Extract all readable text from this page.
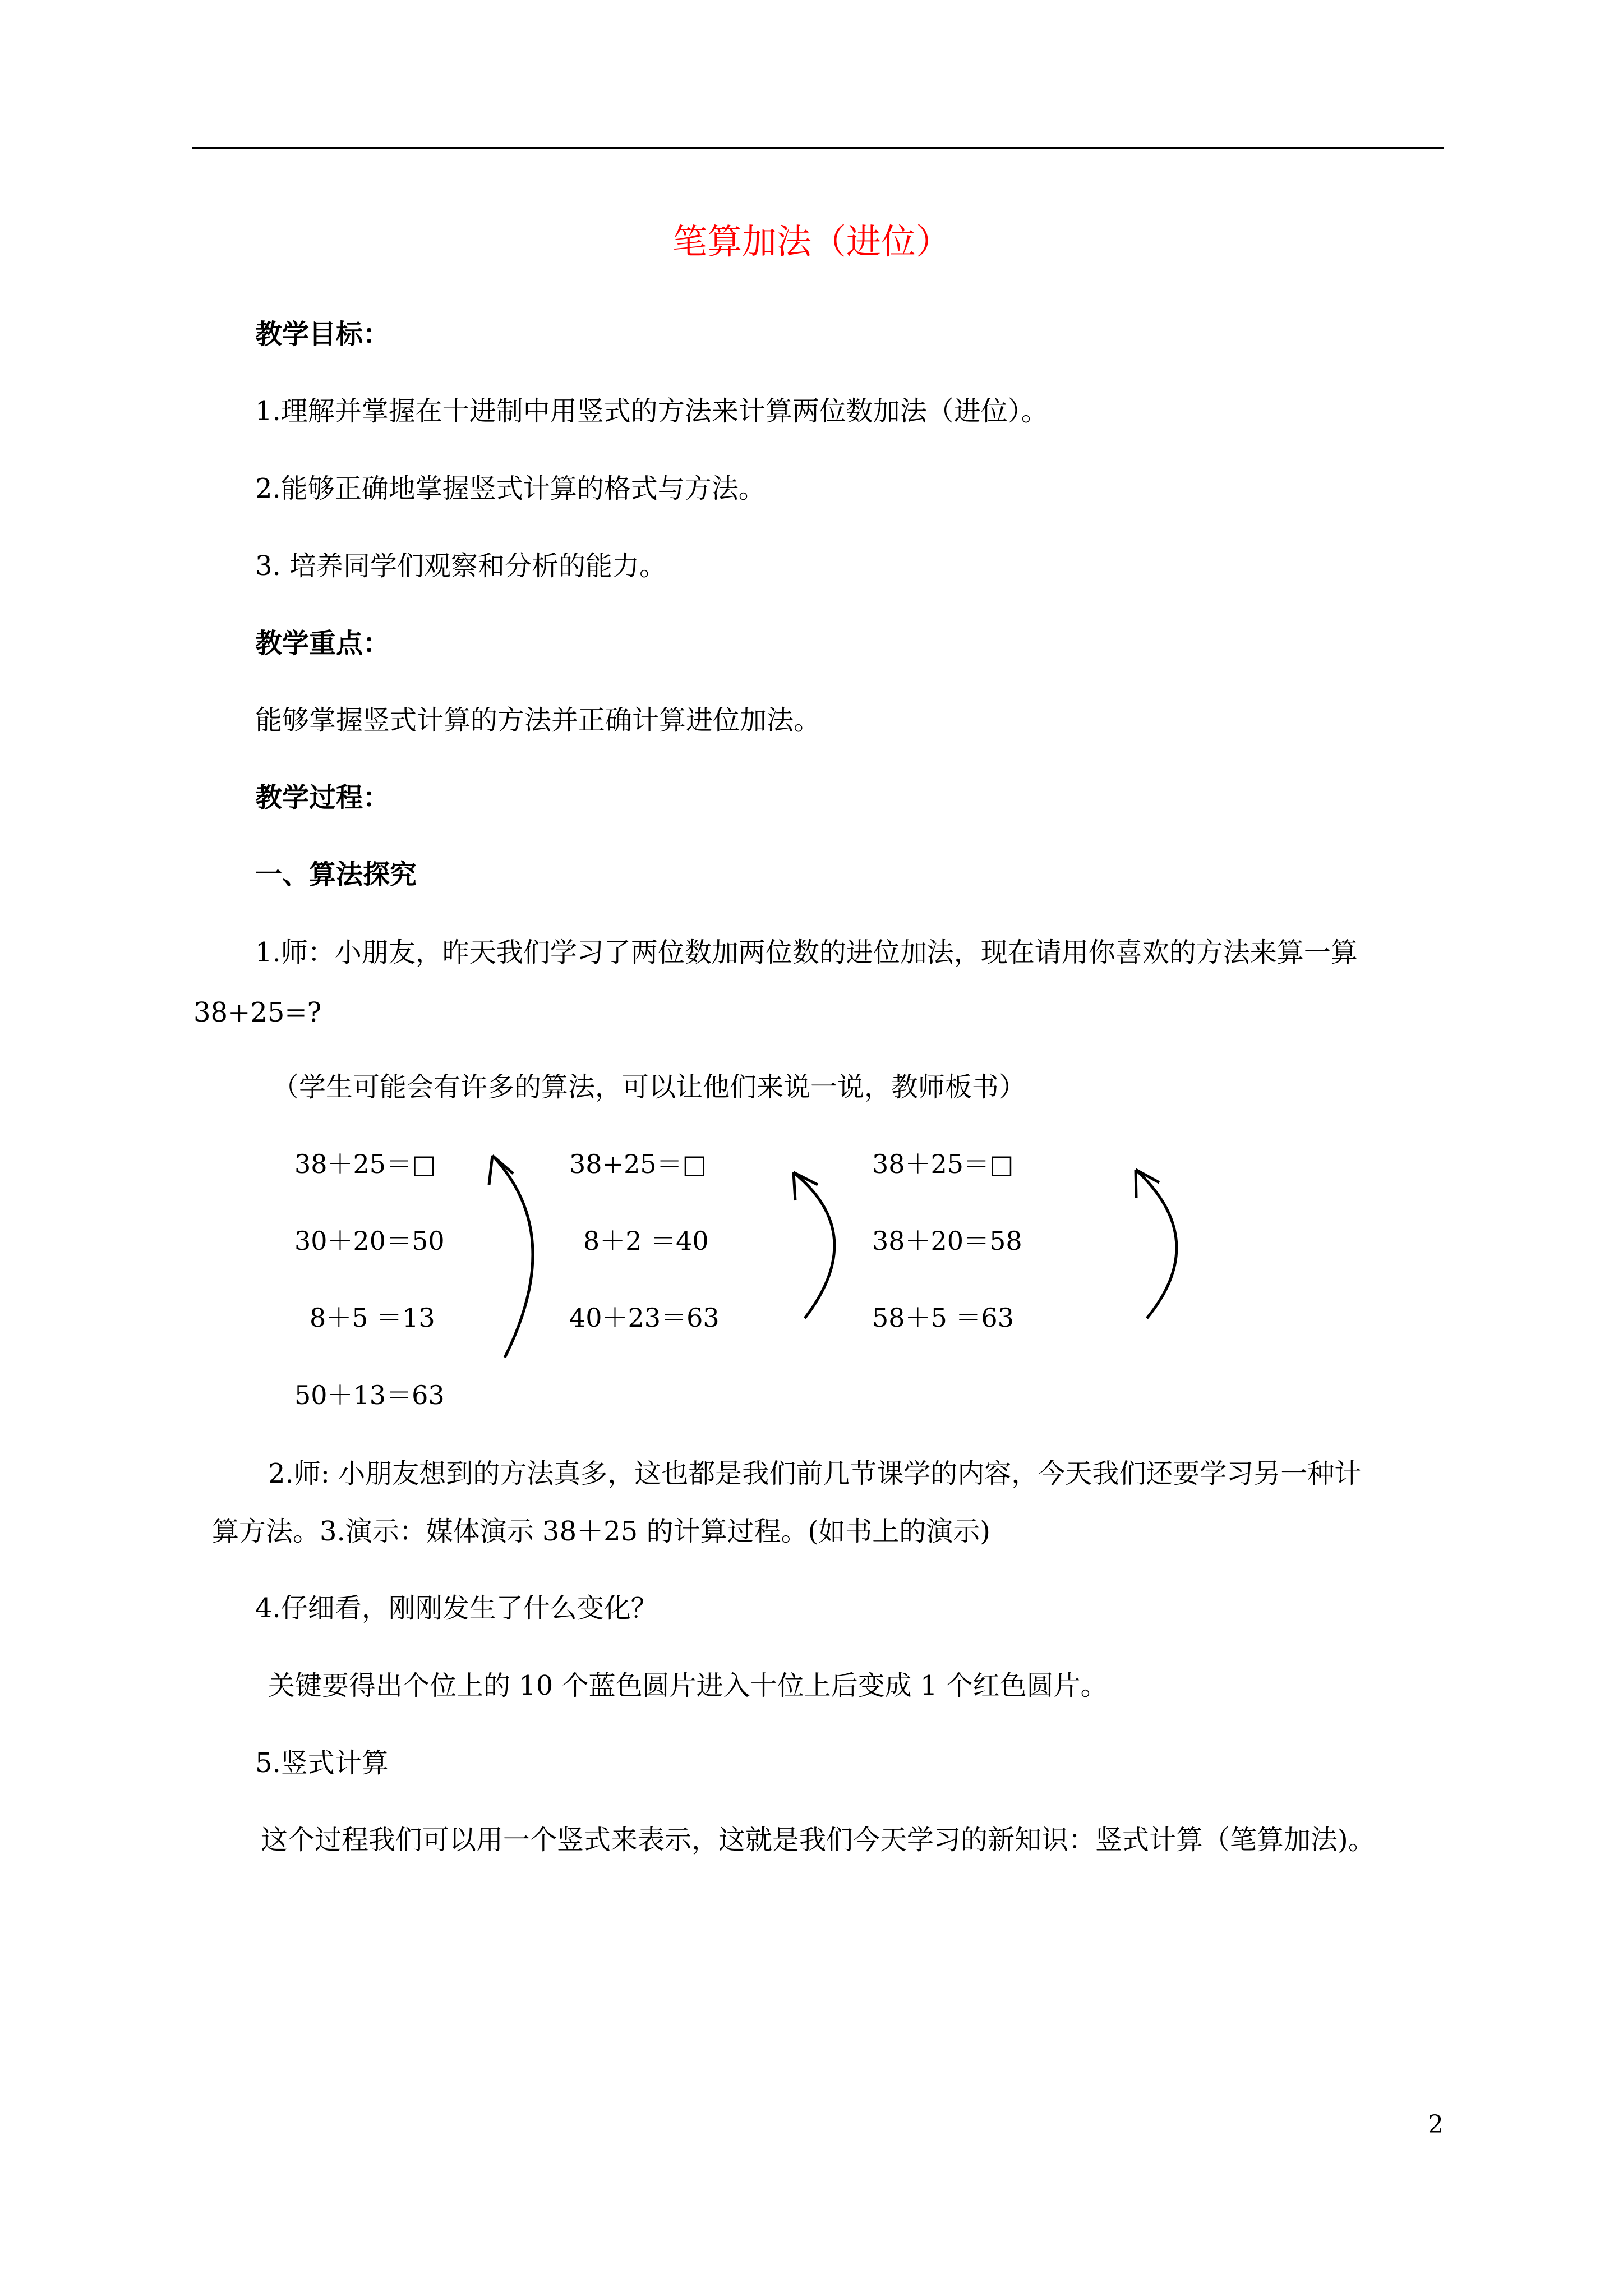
笔算加法（进位）
教学目标：
1.理解并掌握在十进制中用竖式的方法来计算两位数加法（进位）。
2.能够正确地掌握竖式计算的格式与方法。
3. 培养同学们观察和分析的能力。
教学重点：
能够掌握竖式计算的方法并正确计算进位加法。
教学过程：
一、算法探究
1.师：小朋友，昨天我们学习了两位数加两位数的进位加法，现在请用你喜欢的方法来算一算
38+25=?
（学生可能会有许多的算法，可以让他们来说一说，教师板书）
38＋25＝□
30＋20＝50
8＋5 ＝13
50＋13＝63
38+25＝□
8＋2 ＝40
40＋23＝63
38＋25＝□
38＋20＝58
58＋5 ＝63
2.师: 小朋友想到的方法真多，这也都是我们前几节课学的内容，今天我们还要学习另一种计
算方法。3.演示：媒体演示 38＋25 的计算过程。(如书上的演示)
4.仔细看，刚刚发生了什么变化？
关键要得出个位上的 10 个蓝色圆片进入十位上后变成 1 个红色圆片。
5.竖式计算
这个过程我们可以用一个竖式来表示，这就是我们今天学习的新知识：竖式计算（笔算加法)。
2
